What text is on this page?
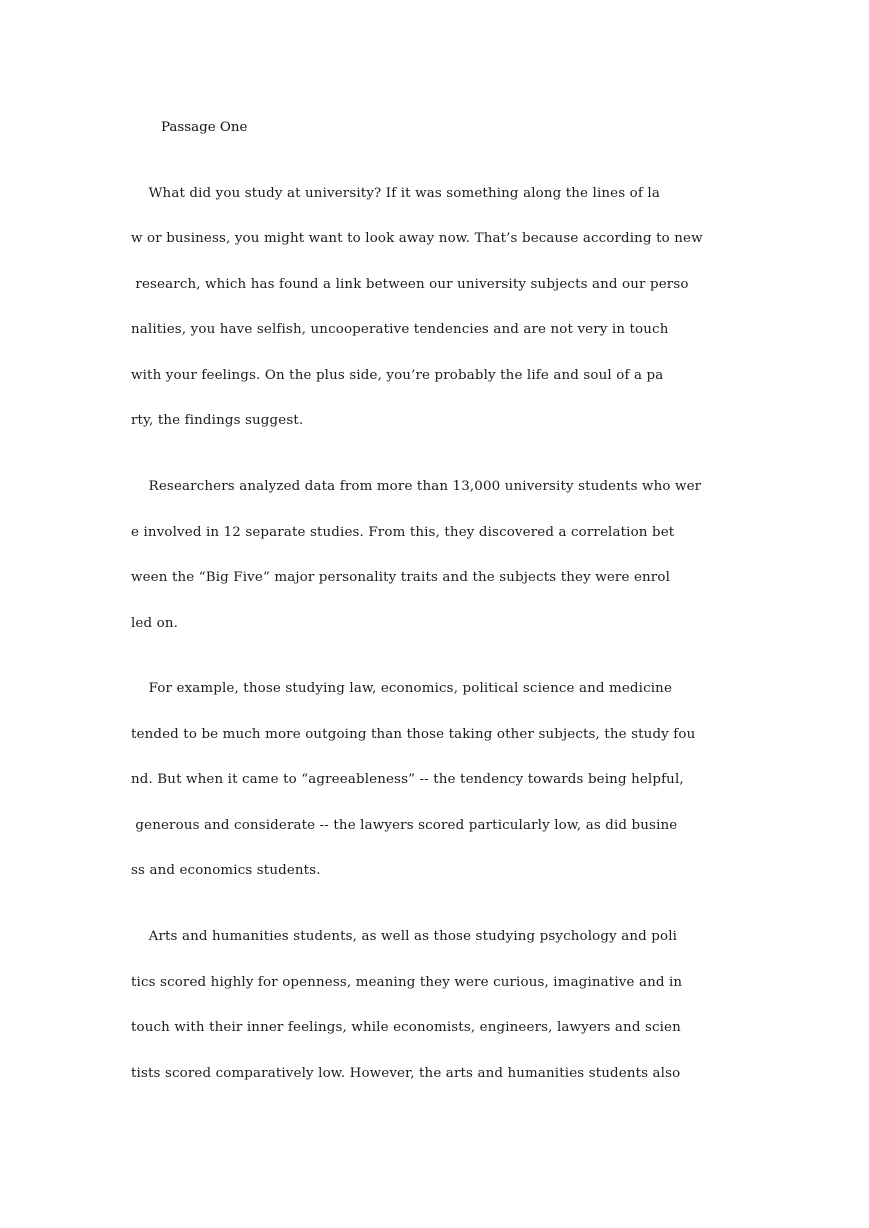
Passage One

What did you study at university? If it was something along the lines of la

w or business, you might want to look away now. That’s because according to new

research, which has found a link between our university subjects and our perso

nalities, you have selfish, uncooperative tendencies and are not very in touch

with your feelings. On the plus side, you’re probably the life and soul of a pa

rty, the findings suggest.

Researchers analyzed data from more than 13,000 university students who wer

e involved in 12 separate studies. From this, they discovered a correlation bet

ween the “Big Five” major personality traits and the subjects they were enrol

led on.

For example, those studying law, economics, political science and medicine

tended to be much more outgoing than those taking other subjects, the study fou

nd. But when it came to “agreeableness” -- the tendency towards being helpful,

generous and considerate -- the lawyers scored particularly low, as did busine

ss and economics students.

Arts and humanities students, as well as those studying psychology and poli

tics scored highly for openness, meaning they were curious, imaginative and in

touch with their inner feelings, while economists, engineers, lawyers and scien

tists scored comparatively low. However, the arts and humanities students also
